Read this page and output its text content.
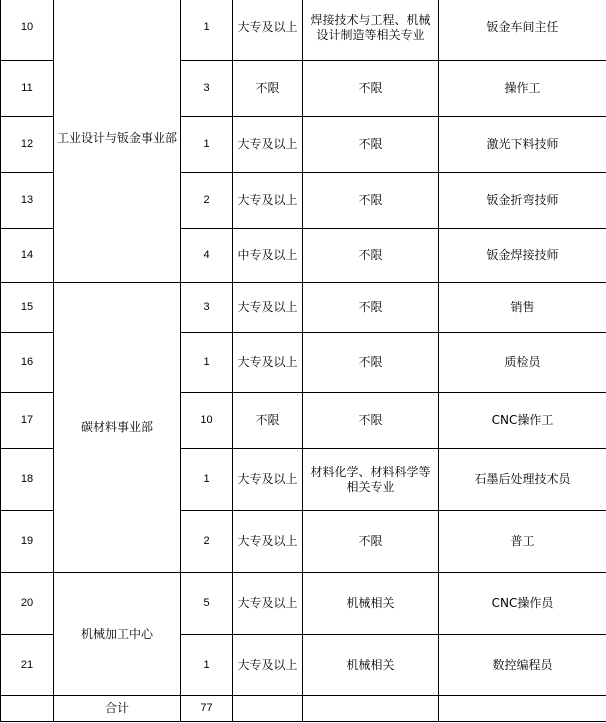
10	工业设计与钣金事业部	1	大专及以上	焊接技术与工程、机械设计制造等相关专业	钣金车间主任
11		3	不限	不限	操作工
12		1	大专及以上	不限	激光下料技师
13		2	大专及以上	不限	钣金折弯技师
14		4	中专及以上	不限	钣金焊接技师
15	碳材料事业部	3	大专及以上	不限	销售
16		1	大专及以上	不限	质检员
17		10	不限	不限	CNC操作工
18		1	大专及以上	材料化学、材料科学等相关专业	石墨后处理技术员
19		2	大专及以上	不限	普工
20	机械加工中心	5	大专及以上	机械相关	CNC操作员
21		1	大专及以上	机械相关	数控编程员
	合计	77			
